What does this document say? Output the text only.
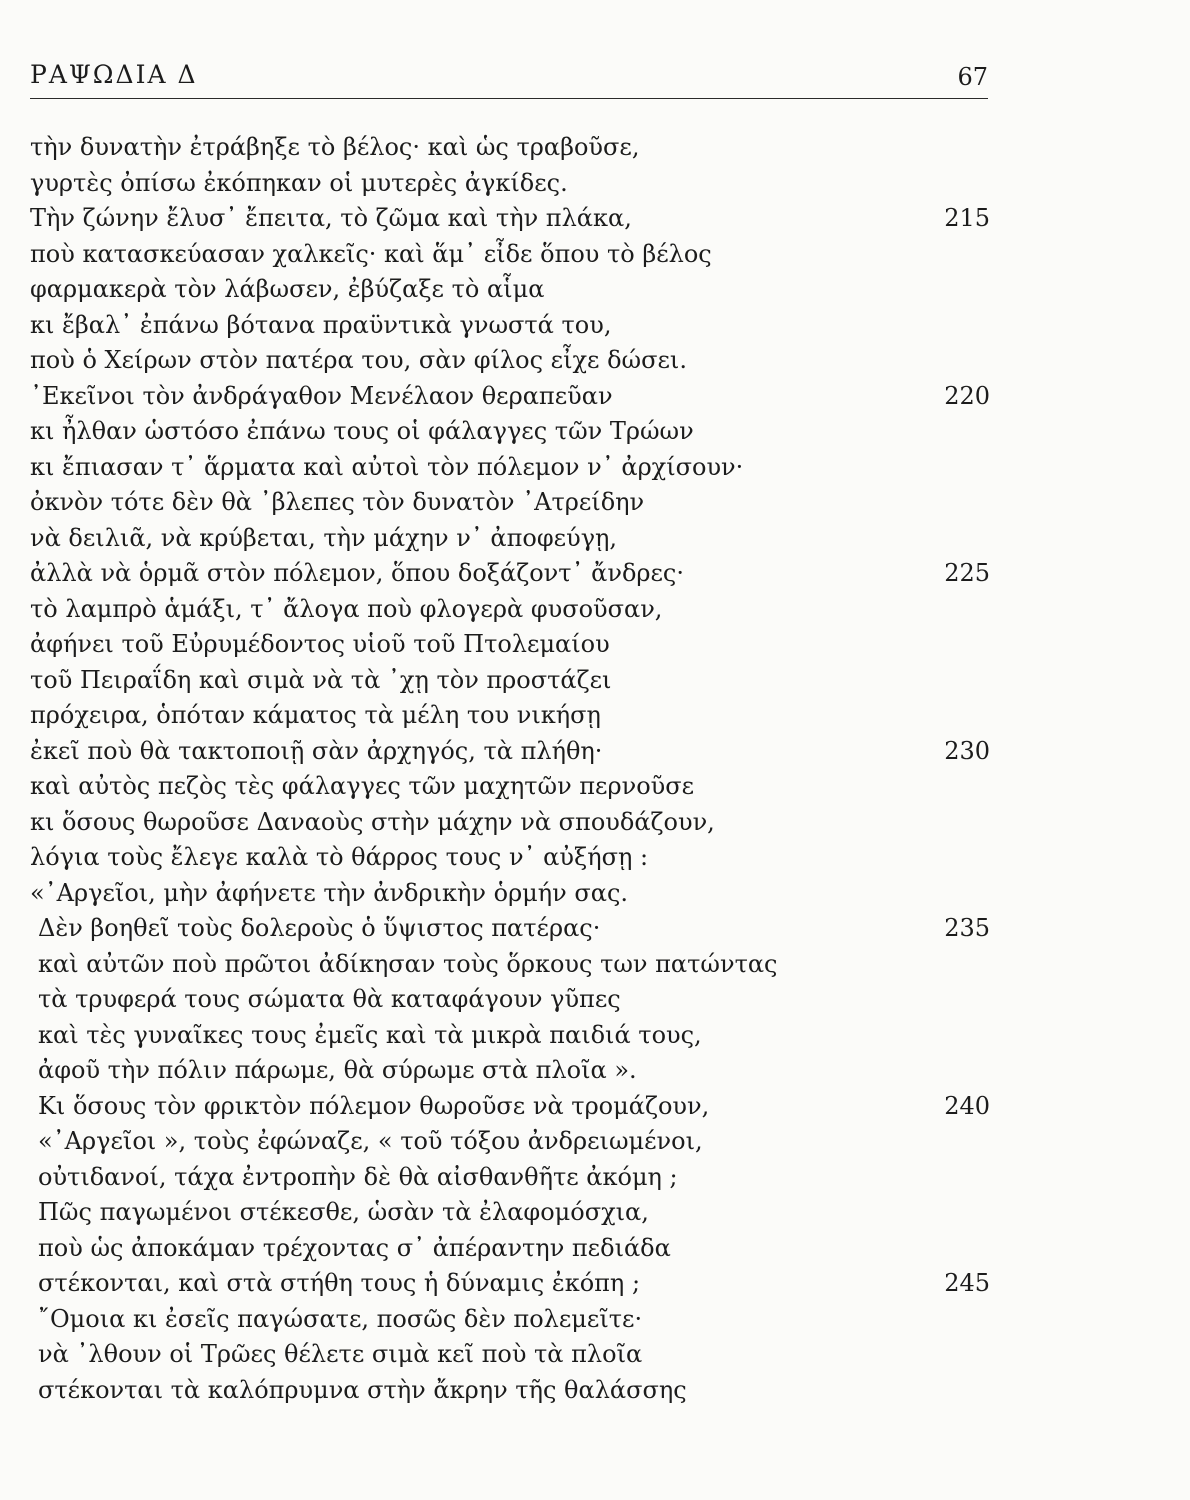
ΡΑΨΩΔΙΑ Δ	67
τὴν δυνατὴν ἐτράβηξε τὸ βέλος· καὶ ὡς τραβοῦσε,
γυρτὲς ὀπίσω ἐκόπηκαν οἱ μυτερὲς ἀγκίδες.
Τὴν ζώνην ἔλυσ᾽ ἔπειτα, τὸ ζῶμα καὶ τὴν πλάκα,	215
ποὺ κατασκεύασαν χαλκεῖς· καὶ ἅμ᾽ εἶδε ὅπου τὸ βέλος
φαρμακερὰ τὸν λάβωσεν, ἐβύζαξε τὸ αἷμα
κι ἔβαλ᾽ ἐπάνω βότανα πραϋντικὰ γνωστά του,
ποὺ ὁ Χείρων στὸν πατέρα του, σὰν φίλος εἶχε δώσει.
᾽Εκεῖνοι τὸν ἀνδράγαθον Μενέλαον θεραπεῦαν	220
κι ἦλθαν ὡστόσο ἐπάνω τους οἱ φάλαγγες τῶν Τρώων
κι ἔπιασαν τ᾽ ἅρματα καὶ αὐτοὶ τὸν πόλεμον ν᾽ ἀρχίσουν·
ὀκνὸν τότε δὲν θὰ ᾽βλεπες τὸν δυνατὸν ᾽Ατρείδην
νὰ δειλιᾶ, νὰ κρύβεται, τὴν μάχην ν᾽ ἀποφεύγῃ,
ἀλλὰ νὰ ὁρμᾶ στὸν πόλεμον, ὅπου δοξάζοντ᾽ ἄνδρες·	225
τὸ λαμπρὸ ἁμάξι, τ᾽ ἄλογα ποὺ φλογερὰ φυσοῦσαν,
ἀφήνει τοῦ Εὐρυμέδοντος υἱοῦ τοῦ Πτολεμαίου
τοῦ Πειραΐδη καὶ σιμὰ νὰ τὰ ᾽χῃ τὸν προστάζει
πρόχειρα, ὁπόταν κάματος τὰ μέλη του νικήσῃ
ἐκεῖ ποὺ θὰ τακτοποιῇ σὰν ἀρχηγός, τὰ πλήθη·	230
καὶ αὐτὸς πεζὸς τὲς φάλαγγες τῶν μαχητῶν περνοῦσε
κι ὅσους θωροῦσε Δαναοὺς στὴν μάχην νὰ σπουδάζουν,
λόγια τοὺς ἔλεγε καλὰ τὸ θάρρος τους ν᾽ αὐξήσῃ :
«᾽Αργεῖοι, μὴν ἀφήνετε τὴν ἀνδρικὴν ὁρμήν σας.
Δὲν βοηθεῖ τοὺς δολεροὺς ὁ ὕψιστος πατέρας·	235
καὶ αὐτῶν ποὺ πρῶτοι ἀδίκησαν τοὺς ὅρκους των πατώντας
τὰ τρυφερά τους σώματα θὰ καταφάγουν γῦπες
καὶ τὲς γυναῖκες τους ἐμεῖς καὶ τὰ μικρὰ παιδιά τους,
ἀφοῦ τὴν πόλιν πάρωμε, θὰ σύρωμε στὰ πλοῖα ».
Κι ὅσους τὸν φρικτὸν πόλεμον θωροῦσε νὰ τρομάζουν,	240
«᾽Αργεῖοι », τοὺς ἐφώναζε, « τοῦ τόξου ἀνδρειωμένοι,
οὐτιδανοί, τάχα ἐντροπὴν δὲ θὰ αἰσθανθῆτε ἀκόμη ;
Πῶς παγωμένοι στέκεσθε, ὡσὰν τὰ ἐλαφομόσχια,
ποὺ ὡς ἀποκάμαν τρέχοντας σ᾽ ἀπέραντην πεδιάδα
στέκονται, καὶ στὰ στήθη τους ἡ δύναμις ἐκόπη ;	245
῎Ομοια κι ἐσεῖς παγώσατε, ποσῶς δὲν πολεμεῖτε·
νὰ ᾽λθουν οἱ Τρῶες θέλετε σιμὰ κεῖ ποὺ τὰ πλοῖα
στέκονται τὰ καλόπρυμνα στὴν ἄκρην τῆς θαλάσσης
